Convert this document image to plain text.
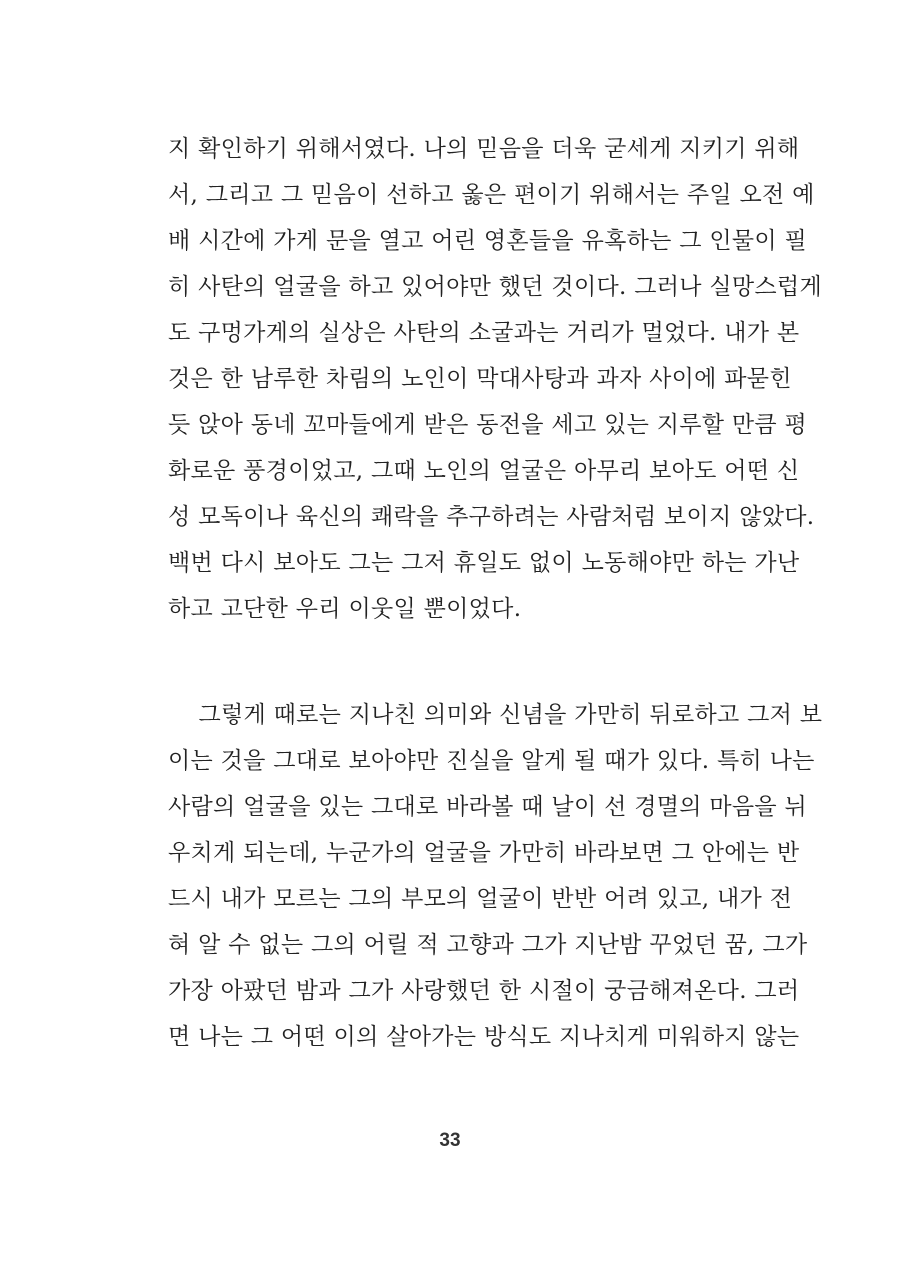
지 확인하기 위해서였다. 나의 믿음을 더욱 굳세게 지키기 위해
서, 그리고 그 믿음이 선하고 옳은 편이기 위해서는 주일 오전 예
배 시간에 가게 문을 열고 어린 영혼들을 유혹하는 그 인물이 필
히 사탄의 얼굴을 하고 있어야만 했던 것이다. 그러나 실망스럽게
도 구멍가게의 실상은 사탄의 소굴과는 거리가 멀었다. 내가 본
것은 한 남루한 차림의 노인이 막대사탕과 과자 사이에 파묻힌
듯 앉아 동네 꼬마들에게 받은 동전을 세고 있는 지루할 만큼 평
화로운 풍경이었고, 그때 노인의 얼굴은 아무리 보아도 어떤 신
성 모독이나 육신의 쾌락을 추구하려는 사람처럼 보이지 않았다.
백번 다시 보아도 그는 그저 휴일도 없이 노동해야만 하는 가난
하고 고단한 우리 이웃일 뿐이었다.
그렇게 때로는 지나친 의미와 신념을 가만히 뒤로하고 그저 보
이는 것을 그대로 보아야만 진실을 알게 될 때가 있다. 특히 나는
사람의 얼굴을 있는 그대로 바라볼 때 날이 선 경멸의 마음을 뉘
우치게 되는데, 누군가의 얼굴을 가만히 바라보면 그 안에는 반
드시 내가 모르는 그의 부모의 얼굴이 반반 어려 있고, 내가 전
혀 알 수 없는 그의 어릴 적 고향과 그가 지난밤 꾸었던 꿈, 그가
가장 아팠던 밤과 그가 사랑했던 한 시절이 궁금해져온다. 그러
면 나는 그 어떤 이의 살아가는 방식도 지나치게 미워하지 않는
33
